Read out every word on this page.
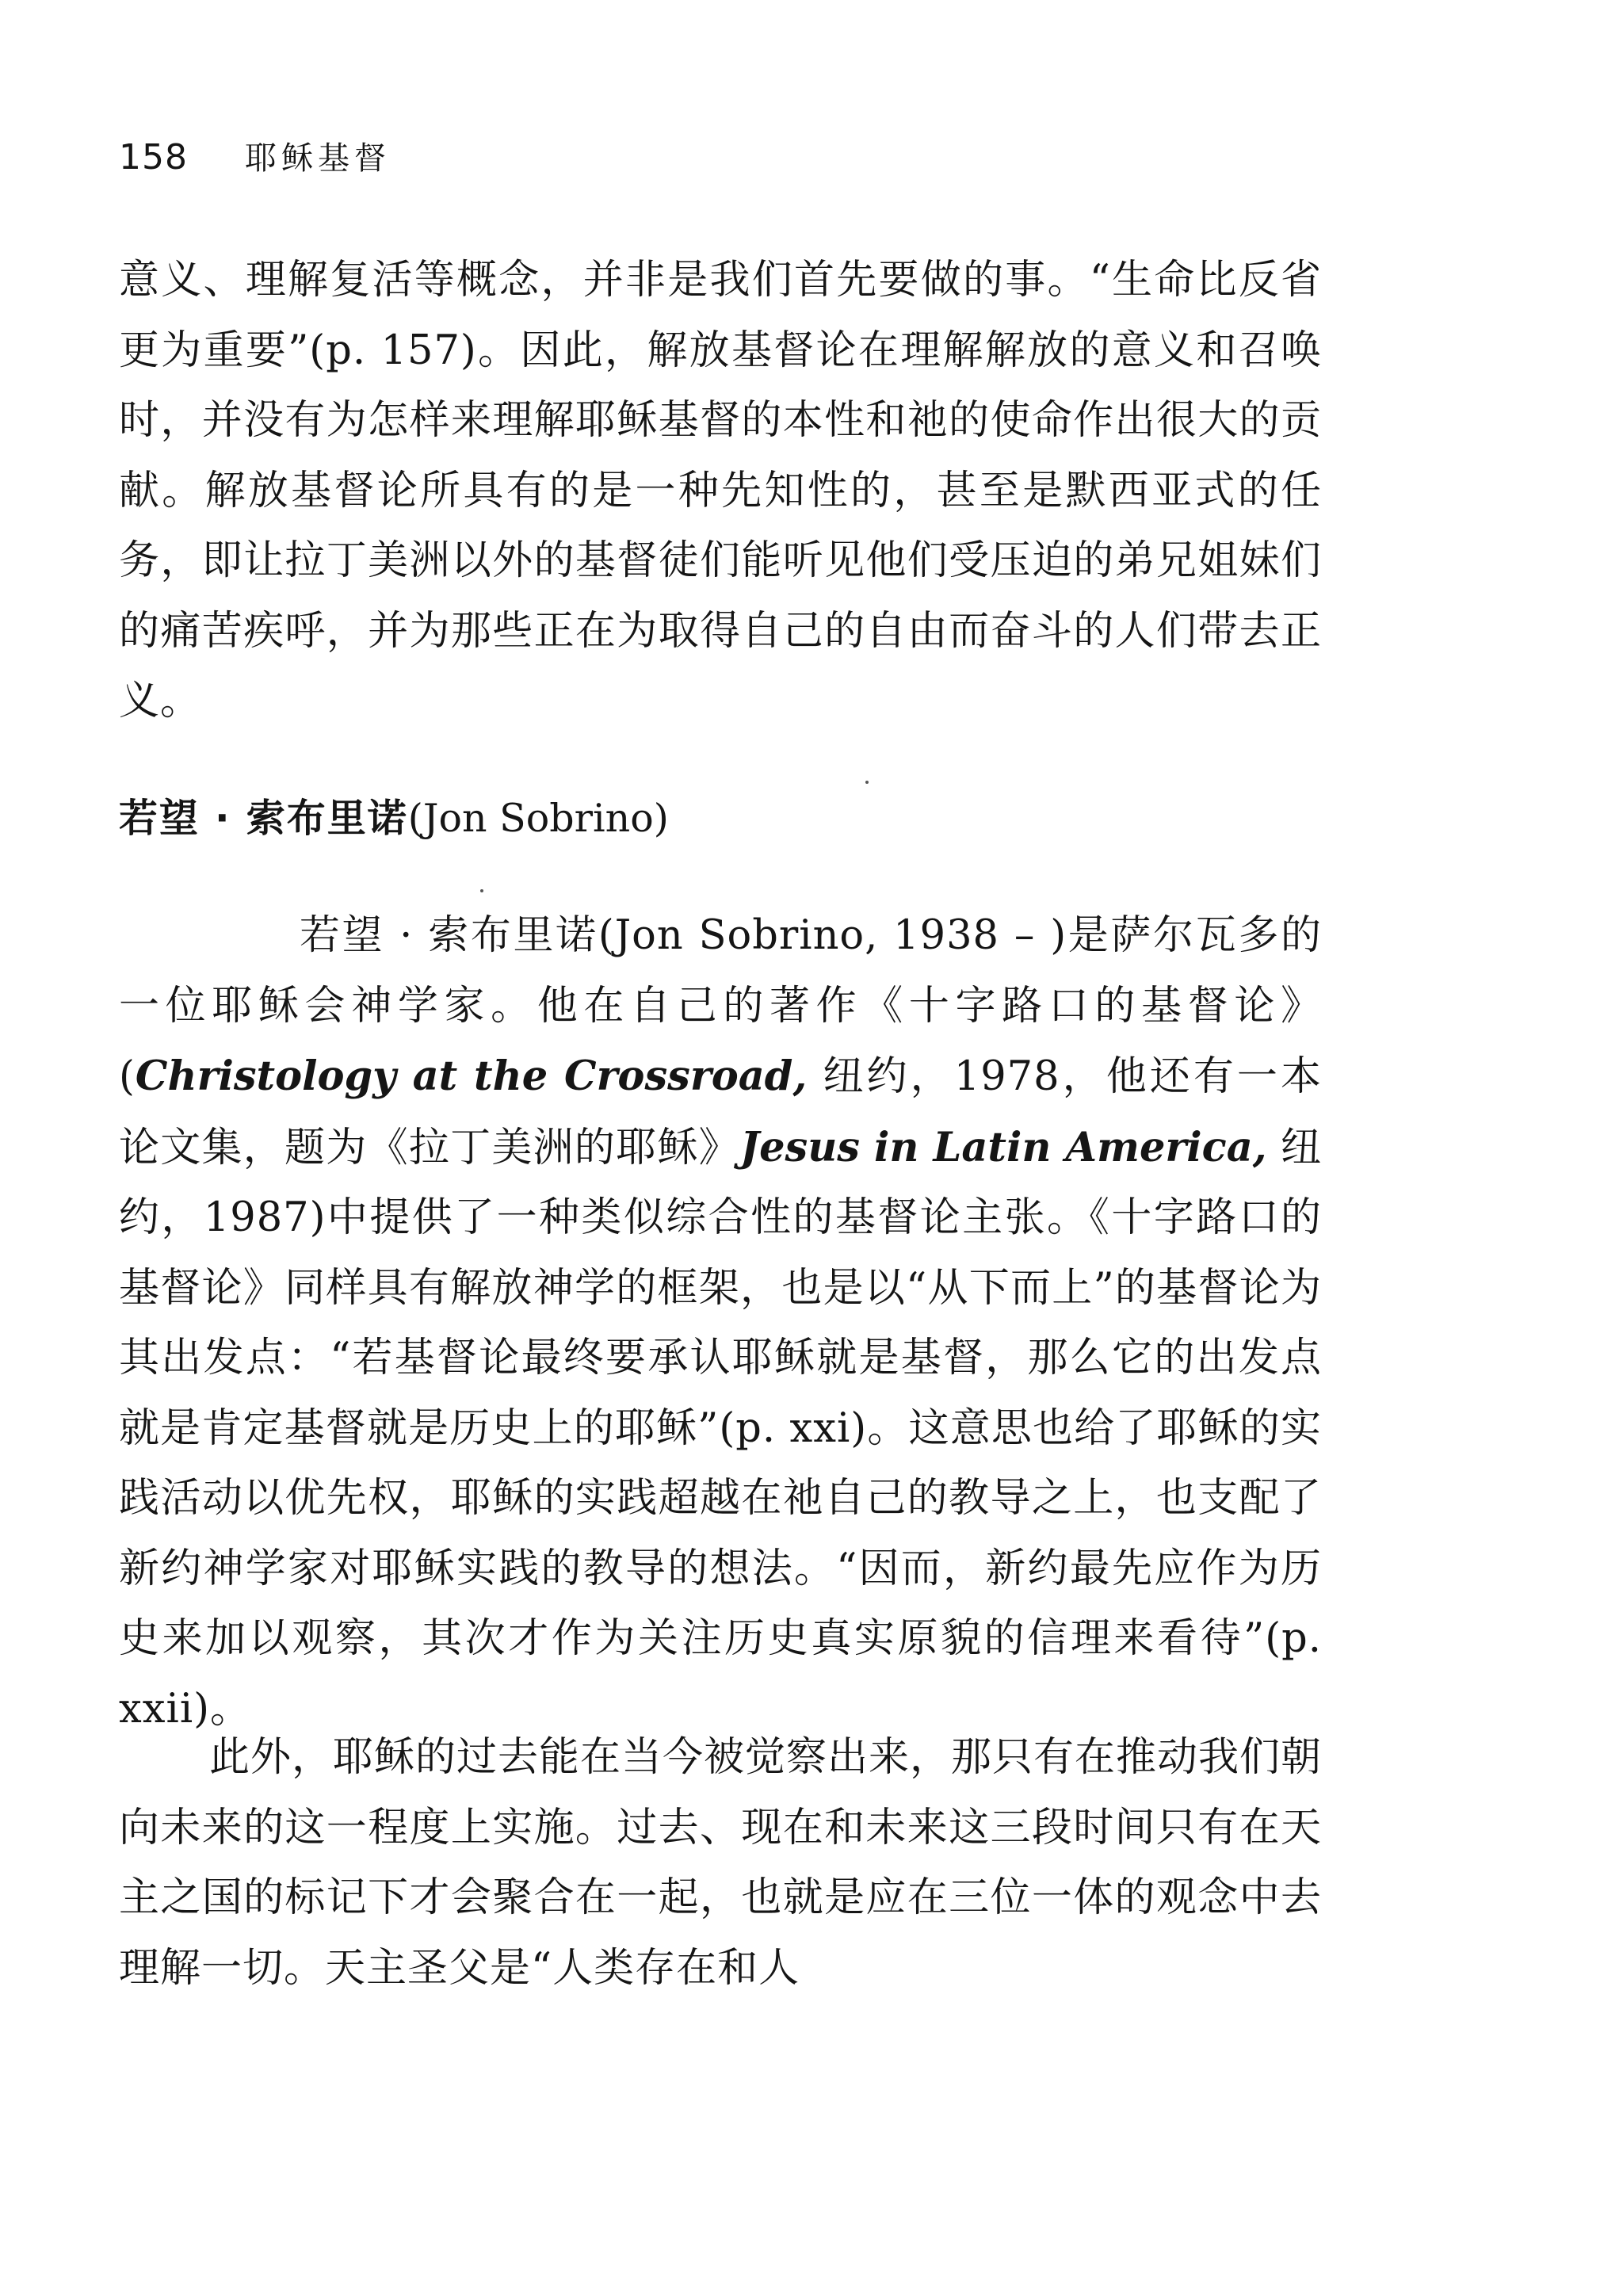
158 耶稣基督

意义、理解复活等概念，并非是我们首先要做的事。“生命比反省更为重要”(p. 157)。因此，解放基督论在理解解放的意义和召唤时，并没有为怎样来理解耶稣基督的本性和祂的使命作出很大的贡献。解放基督论所具有的是一种先知性的，甚至是默西亚式的任务，即让拉丁美洲以外的基督徒们能听见他们受压迫的弟兄姐妹们的痛苦疾呼，并为那些正在为取得自己的自由而奋斗的人们带去正义。

若望 · 索布里诺(Jon Sobrino)

若望 · 索布里诺(Jon Sobrino, 1938 – )是萨尔瓦多的一位耶稣会神学家。他在自己的著作《十字路口的基督论》(Christology at the Crossroad, 纽约，1978，他还有一本论文集，题为《拉丁美洲的耶稣》Jesus in Latin America, 纽约，1987)中提供了一种类似综合性的基督论主张。《十字路口的基督论》同样具有解放神学的框架，也是以“从下而上”的基督论为其出发点：“若基督论最终要承认耶稣就是基督，那么它的出发点就是肯定基督就是历史上的耶稣”(p. xxi)。这意思也给了耶稣的实践活动以优先权，耶稣的实践超越在祂自己的教导之上，也支配了新约神学家对耶稣实践的教导的想法。“因而，新约最先应作为历史来加以观察，其次才作为关注历史真实原貌的信理来看待”(p. xxii)。

此外，耶稣的过去能在当今被觉察出来，那只有在推动我们朝向未来的这一程度上实施。过去、现在和未来这三段时间只有在天主之国的标记下才会聚合在一起，也就是应在三位一体的观念中去理解一切。天主圣父是“人类存在和人
